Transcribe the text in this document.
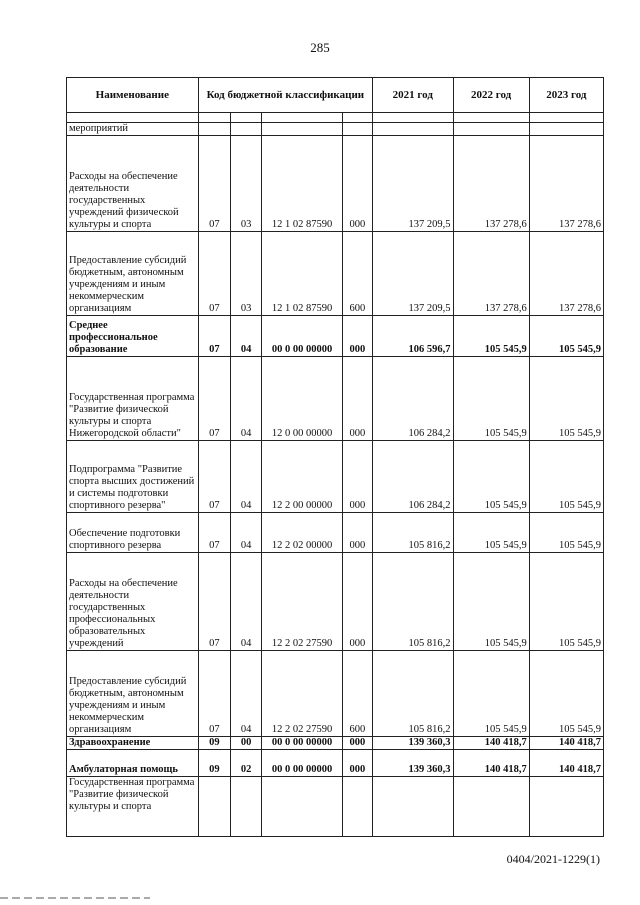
285
Наименование	Код бюджетной классификации				2021 год	2022 год	2023 год

мероприятий							
Расходы на обеспечение деятельности государственных учреждений физической культуры и спорта	07	03	12 1 02 87590	000	137 209,5	137 278,6	137 278,6
Предоставление субсидий бюджетным, автономным учреждениям и иным некоммерческим организациям	07	03	12 1 02 87590	600	137 209,5	137 278,6	137 278,6
Среднее профессиональное образование	07	04	00 0 00 00000	000	106 596,7	105 545,9	105 545,9
Государственная программа "Развитие физической культуры и спорта Нижегородской области"	07	04	12 0 00 00000	000	106 284,2	105 545,9	105 545,9
Подпрограмма "Развитие спорта высших достижений и системы подготовки спортивного резерва"	07	04	12 2 00 00000	000	106 284,2	105 545,9	105 545,9
Обеспечение подготовки спортивного резерва	07	04	12 2 02 00000	000	105 816,2	105 545,9	105 545,9
Расходы на обеспечение деятельности государственных профессиональных образовательных учреждений	07	04	12 2 02 27590	000	105 816,2	105 545,9	105 545,9
Предоставление субсидий бюджетным, автономным учреждениям и иным некоммерческим организациям	07	04	12 2 02 27590	600	105 816,2	105 545,9	105 545,9
Здравоохранение	09	00	00 0 00 00000	000	139 360,3	140 418,7	140 418,7
Амбулаторная помощь	09	02	00 0 00 00000	000	139 360,3	140 418,7	140 418,7
Государственная программа "Развитие физической культуры и спорта							
0404/2021-1229(1)
